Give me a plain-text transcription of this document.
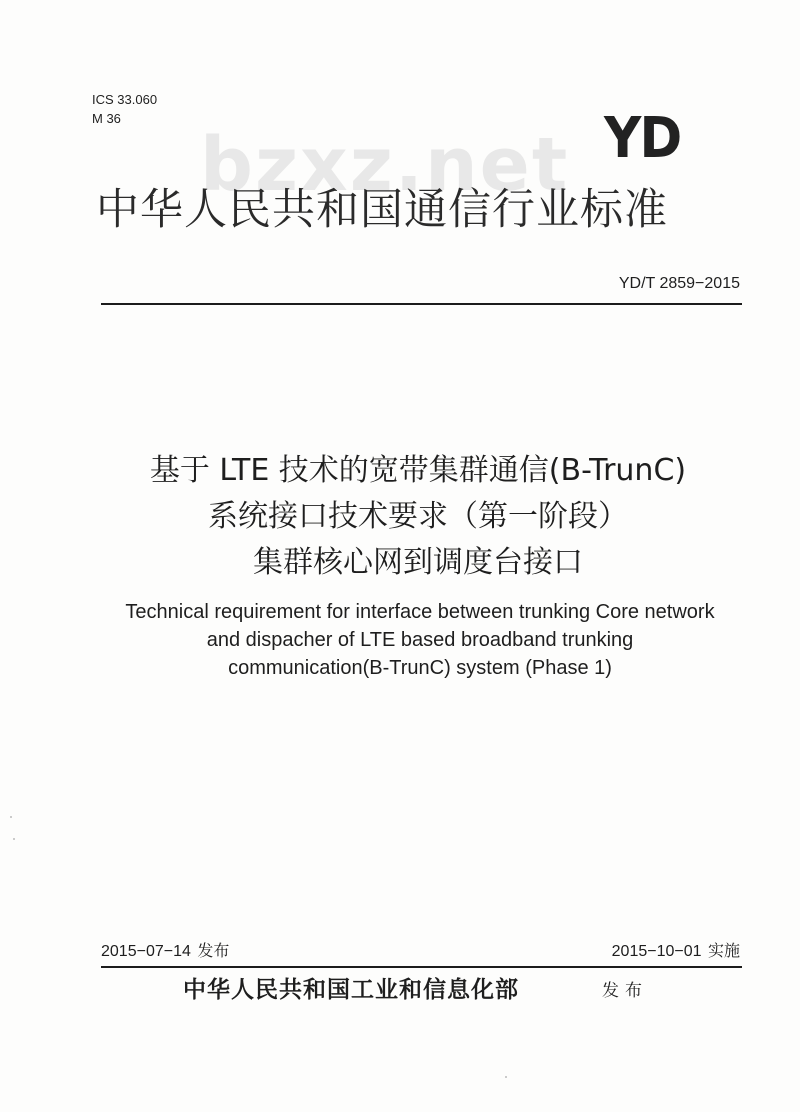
ICS 33.060
M 36
bzxz.net YD
中华人民共和国通信行业标准
YD/T 2859−2015
基于 LTE 技术的宽带集群通信(B-TrunC)
系统接口技术要求（第一阶段）
集群核心网到调度台接口
Technical requirement for interface between trunking Core network
and dispacher of LTE based broadband trunking
communication(B-TrunC) system (Phase 1)
2015−07−14 发布	2015−10−01 实施
中华人民共和国工业和信息化部	发布
